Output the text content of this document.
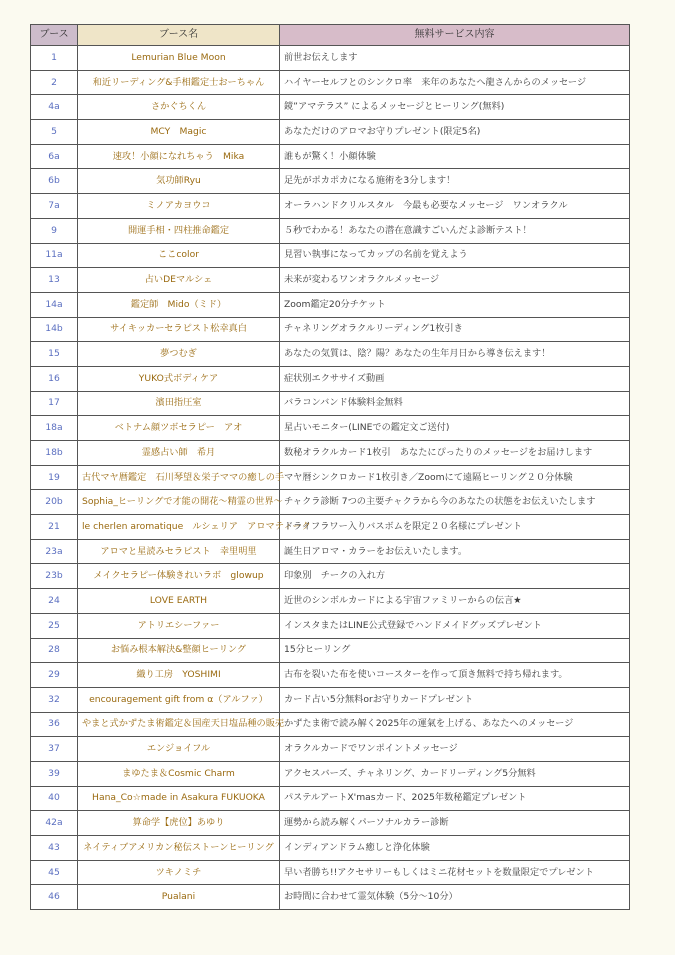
ブース	ブース名	無料サービス内容
1	Lemurian Blue Moon	前世お伝えします
2	和近リーディング&手相鑑定士おーちゃん	ハイヤーセルフとのシンクロ率　来年のあなたへ龍さんからのメッセージ
4a	さかぐちくん	鏡”アマテラス” によるメッセージとヒーリング(無料)
5	MCY　Magic	あなただけのアロマお守りプレゼント(限定5名)
6a	速攻！小顔になれちゃう　Mika	誰もが驚く！小顔体験
6b	気功師Ryu	足先がポカポカになる施術を3分します！
7a	ミノアカヨウコ	オーラハンドクリルスタル　今最も必要なメッセージ　ワンオラクル
9	開運手相・四柱推命鑑定	５秒でわかる！あなたの潜在意識すごいんだよ診断テスト！
11a	ここcolor	見習い執事になってカップの名前を覚えよう
13	占いDEマルシェ	未来が変わるワンオラクルメッセージ
14a	鑑定師　Mido（ミド）	Zoom鑑定20分チケット
14b	サイキッカーセラピスト松幸真白	チャネリングオラクルリーディング1枚引き
15	夢つむぎ	あなたの気質は、陰？陽？あなたの生年月日から導き伝えます！
16	YUKO式ボディケア	症状別エクササイズ動画
17	濱田指圧室	バラコンバンド体験料金無料
18a	ベトナム顔ツボセラピー　アオ	星占いモニター(LINEでの鑑定文ご送付)
18b	霊感占い師　希月	数秘オラクルカード1枚引　あなたにぴったりのメッセージをお届けします
19	古代マヤ暦鑑定　石川琴望＆栄子ママの癒しの手	マヤ暦シンクロカード1枚引き／Zoomにて遠隔ヒーリング２０分体験
20b	Sophia_ヒーリングで才能の開花～精霊の世界～	チャクラ診断 7つの主要チャクラから今のあなたの状態をお伝えいたします
21	le cherlen aromatique　ルシェリア　アロマティーク	ドライフラワー入りバスボムを限定２０名様にプレゼント
23a	アロマと星読みセラピスト　幸里明里	誕生日アロマ・カラーをお伝えいたします。
23b	メイクセラピー体験きれいラボ　glowup	印象別　チークの入れ方
24	LOVE EARTH	近世のシンボルカードによる宇宙ファミリーからの伝言★
25	アトリエシーファー	インスタまたはLINE公式登録でハンドメイドグッズプレゼント
28	お悩み根本解決&整顔ヒーリング	15分ヒーリング
29	織り工房　YOSHIMI	古布を裂いた布を使いコースターを作って頂き無料で持ち帰れます。
32	encouragement gift from α（アルファ）	カード占い5分無料orお守りカードプレゼント
36	やまと式かずたま術鑑定＆国産天日塩品種の販売	かずたま術で読み解く2025年の運氣を上げる、あなたへのメッセージ
37	エンジョイフル	オラクルカードでワンポイントメッセージ
39	まゆたま＆Cosmic Charm	アクセスバーズ、チャネリング、カードリーディング5分無料
40	Hana_Co☆made in Asakura FUKUOKA	パステルアートX'masカード、2025年数秘鑑定プレゼント
42a	算命学【虎位】あゆり	運勢から読み解くパーソナルカラー診断
43	ネイティブアメリカン秘伝ストーンヒーリング	インディアンドラム癒しと浄化体験
45	ツキノミチ	早い者勝ち!!アクセサリーもしくはミニ花材セットを数量限定でプレゼント
46	Pualani	お時間に合わせて霊気体験（5分～10分）
